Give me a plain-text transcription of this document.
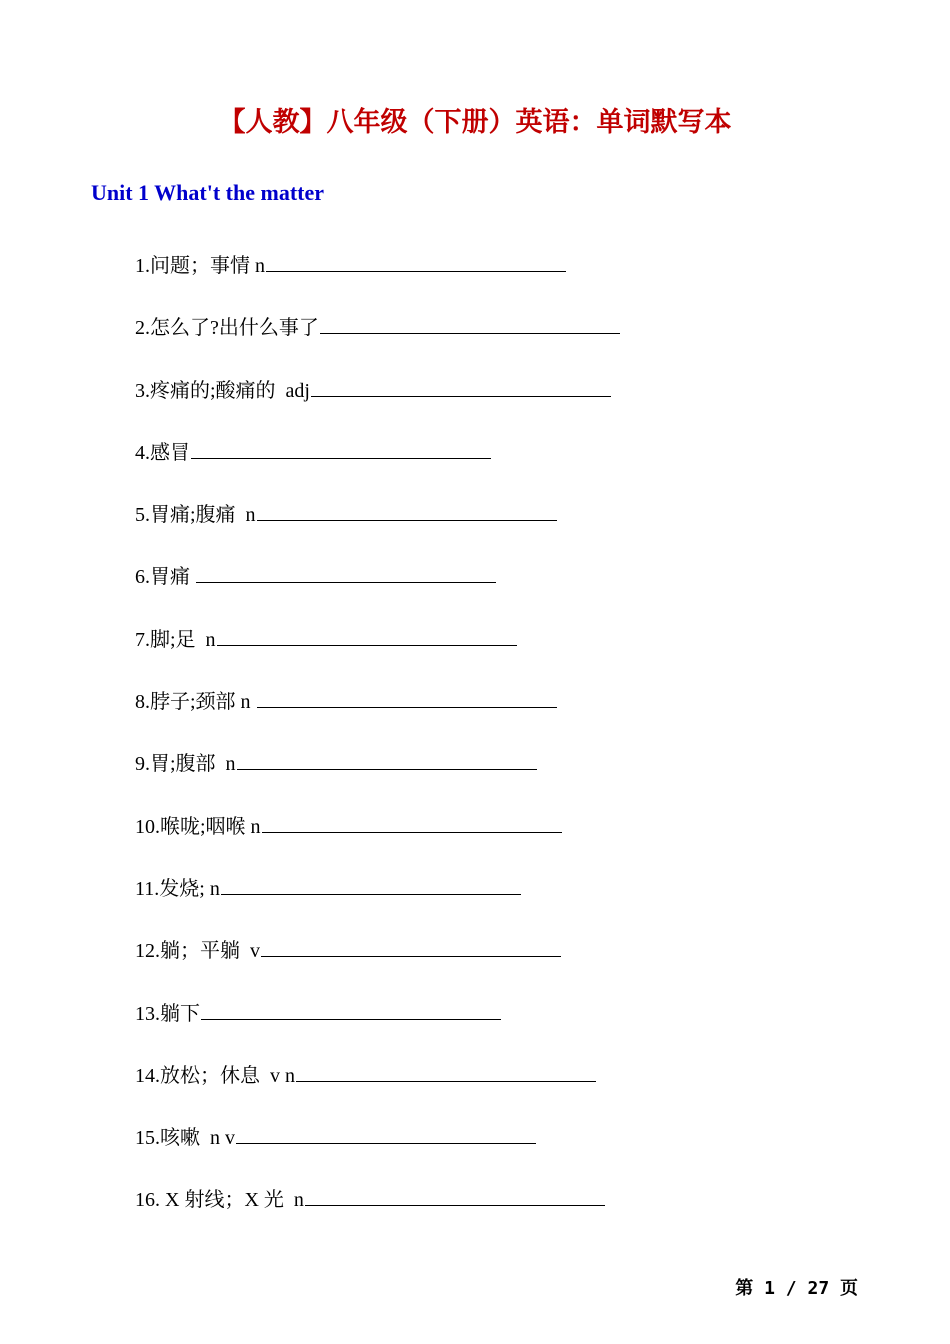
【人教】八年级（下册）英语：单词默写本
Unit 1 What't the matter
1.问题；事情 n
2.怎么了?出什么事了
3.疼痛的;酸痛的  adj
4.感冒
5.胃痛;腹痛  n
6.胃痛
7.脚;足  n
8.脖子;颈部 n
9.胃;腹部  n
10.喉咙;咽喉 n
11.发烧; n
12.躺；平躺  v
13.躺下
14.放松；休息  v n
15.咳嗽  n v
16. X 射线；X 光  n
第 1 / 27 页
